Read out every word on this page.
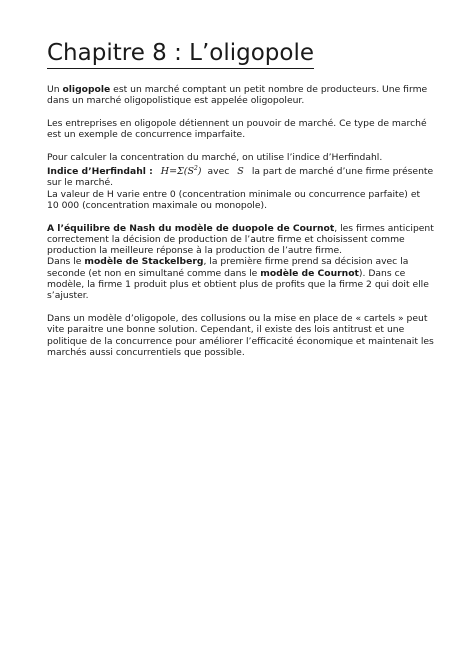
Chapitre 8 : L’oligopole

Un oligopole est un marché comptant un petit nombre de producteurs. Une firme dans un marché oligopolistique est appelée oligopoleur.

Les entreprises en oligopole détiennent un pouvoir de marché. Ce type de marché est un exemple de concurrence imparfaite.

Pour calculer la concentration du marché, on utilise l’indice d’Herfindahl.
Indice d’Herfindahl : $H=\Sigma(S^2)$ avec S la part de marché d’une firme présente sur le marché.
La valeur de H varie entre 0 (concentration minimale ou concurrence parfaite) et 10 000 (concentration maximale ou monopole).

A l’équilibre de Nash du modèle de duopole de Cournot, les firmes anticipent correctement la décision de production de l’autre firme et choisissent comme production la meilleure réponse à la production de l’autre firme.
Dans le modèle de Stackelberg, la première firme prend sa décision avec la seconde (et non en simultané comme dans le modèle de Cournot). Dans ce modèle, la firme 1 produit plus et obtient plus de profits que la firme 2 qui doit elle s’ajuster.

Dans un modèle d’oligopole, des collusions ou la mise en place de « cartels » peut vite paraitre une bonne solution. Cependant, il existe des lois antitrust et une politique de la concurrence pour améliorer l’efficacité économique et maintenait les marchés aussi concurrentiels que possible.
